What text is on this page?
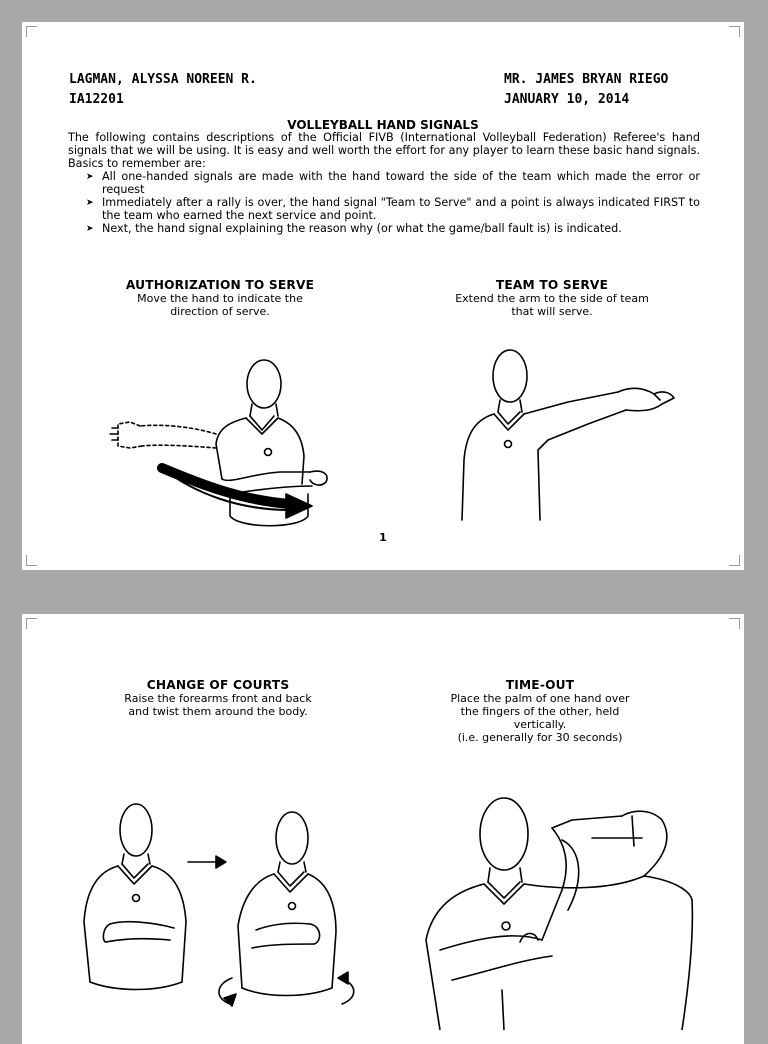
LAGMAN, ALYSSA NOREEN R.
IA12201
MR. JAMES BRYAN RIEGO
JANUARY 10, 2014
VOLLEYBALL HAND SIGNALS

The following contains descriptions of the Official FIVB (International Volleyball Federation) Referee's hand signals that we will be using. It is easy and well worth the effort for any player to learn these basic hand signals. Basics to remember are:

➤ All one-handed signals are made with the hand toward the side of the team which made the error or request
➤ Immediately after a rally is over, the hand signal "Team to Serve" and a point is always indicated FIRST to the team who earned the next service and point.
➤ Next, the hand signal explaining the reason why (or what the game/ball fault is) is indicated.
AUTHORIZATION TO SERVE
Move the hand to indicate the
direction of serve.
TEAM TO SERVE
Extend the arm to the side of team
that will serve.
1
CHANGE OF COURTS
Raise the forearms front and back
and twist them around the body.
TIME-OUT
Place the palm of one hand over
the fingers of the other, held
vertically.
(i.e. generally for 30 seconds)
